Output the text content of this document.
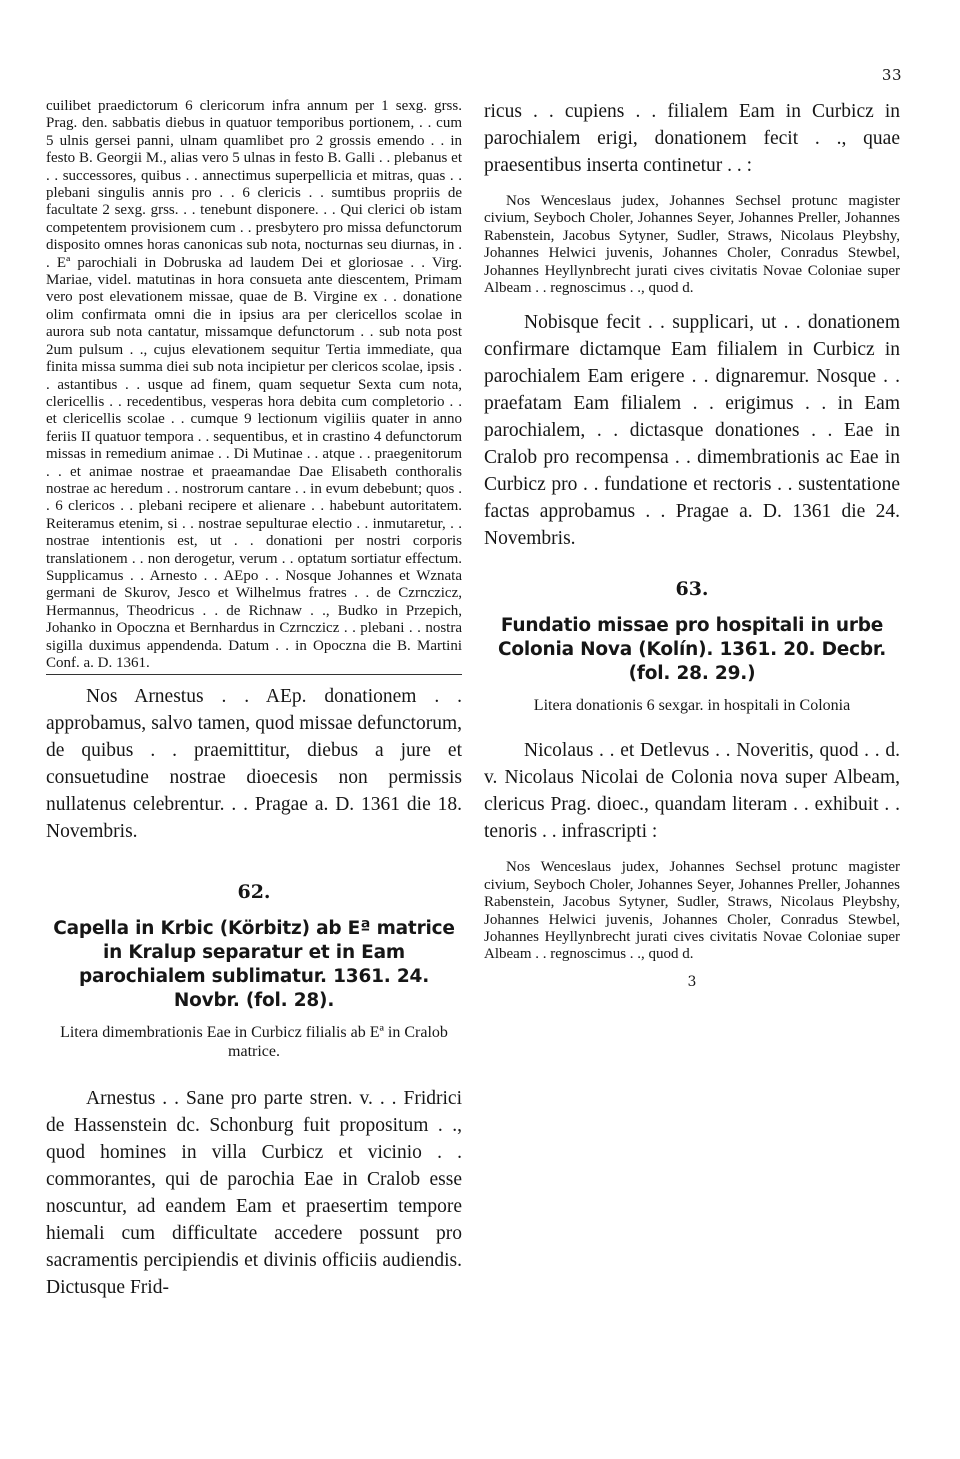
33

cuilibet praedictorum 6 clericorum infra annum per 1 sexg. grss. Prag. den. sabbatis diebus in quatuor temporibus portionem, . . cum 5 ulnis gersei panni, ulnam quamlibet pro 2 grossis emendo . . in festo B. Georgii M., alias vero 5 ulnas in festo B. Galli . . plebanus et . . successores, quibus . . annectimus superpellicia et mitras, quas . . plebani singulis annis pro . . 6 clericis . . sumtibus propriis de facultate 2 sexg. grss. . . tenebunt disponere. . . Qui clerici ob istam competentem provisionem cum . . presbytero pro missa defunctorum disposito omnes horas canonicas sub nota, nocturnas seu diurnas, in . . Eª parochiali in Dobruska ad laudem Dei et gloriosae . . Virg. Mariae, videl. matutinas in hora consueta ante diescentem, Primam vero post elevationem missae, quae de B. Virgine ex . . donatione olim confirmata omni die in ipsius ara per clericellos scolae in aurora sub nota cantatur, missamque defunctorum . . sub nota post 2um pulsum . ., cujus elevationem sequitur Tertia immediate, qua finita missa summa diei sub nota incipietur per clericos scolae, ipsis . . astantibus . . usque ad finem, quam sequetur Sexta cum nota, clericellis . . recedentibus, vesperas hora debita cum completorio . . et clericellis scolae . . cumque 9 lectionum vigiliis quater in anno feriis II quatuor tempora . . sequentibus, et in crastino 4 defunctorum missas in remedium animae . . Di Mutinae . . atque . . praegenitorum . . et animae nostrae et praeamandae Dae Elisabeth conthoralis nostrae ac heredum . . nostrorum cantare . . in evum debebunt; quos . . 6 clericos . . plebani recipere et alienare . . habebunt autoritatem. Reiteramus etenim, si . . nostrae sepulturae electio . . inmutaretur, . . nostrae intentionis est, ut . . donationi per nostri corporis translationem . . non derogetur, verum . . optatum sortiatur effectum. Supplicamus . . Arnesto . . AEpo . . Nosque Johannes et Wznata germani de Skurov, Jesco et Wilhelmus fratres . . de Czrnczicz, Hermannus, Theodricus . . de Richnaw . ., Budko in Przepich, Johanko in Opoczna et Bernhardus in Czrnczicz . . plebani . . nostra sigilla duximus appendenda. Datum . . in Opoczna die B. Martini Conf. a. D. 1361.

Nos Arnestus . . AEp. donationem . . approbamus, salvo tamen, quod missae defunctorum, de quibus . . praemittitur, diebus a jure et consuetudine nostrae dioecesis non permissis nullatenus celebrentur. . . Pragae a. D. 1361 die 18. Novembris.

62.

Capella in Krbic (Körbitz) ab Eª matrice in Kralup separatur et in Eam parochialem sublimatur. 1361. 24. Novbr. (fol. 28).

Litera dimembrationis Eae in Curbicz filialis ab Eª in Cralob matrice.

Arnestus . . Sane pro parte stren. v. . . Fridrici de Hassenstein dc. Schonburg fuit propositum . ., quod homines in villa Curbicz et vicinio . . commorantes, qui de parochia Eae in Cralob esse noscuntur, ad eandem Eam et praesertim tempore hiemali cum difficultate accedere possunt pro sacramentis percipiendis et divinis officiis audiendis. Dictusque Frid-

ricus . . cupiens . . filialem Eam in Curbicz in parochialem erigi, donationem fecit . ., quae praesentibus inserta continetur . . :

Nos Wenceslaus judex, Johannes Sechsel protunc magister civium, Seyboch Choler, Johannes Seyer, Johannes Preller, Johannes Rabenstein, Jacobus Sytyner, Sudler, Straws, Nicolaus Pleybshy, Johannes Helwici juvenis, Johannes Choler, Conradus Stewbel, Johannes Heyllynbrecht jurati cives civitatis Novae Coloniae super Albeam . . regnoscimus . ., quod d.

Nobisque fecit . . supplicari, ut . . donationem confirmare dictamque Eam filialem in Curbicz in parochialem Eam erigere . . dignaremur. Nosque . . praefatam Eam filialem . . erigimus . . in Eam parochialem, . . dictasque donationes . . Eae in Cralob pro recompensa . . dimembrationis ac Eae in Curbicz pro . . fundatione et rectoris . . sustentatione factas approbamus . . Pragae a. D. 1361 die 24. Novembris.

63.

Fundatio missae pro hospitali in urbe Colonia Nova (Kolín). 1361. 20. Decbr. (fol. 28. 29.)

Litera donationis 6 sexgar. in hospitali in Colonia

Nicolaus . . et Detlevus . . Noveritis, quod . . d. v. Nicolaus Nicolai de Colonia nova super Albeam, clericus Prag. dioec., quandam literam . . exhibuit . . tenoris . . infrascripti :

Nos Wenceslaus judex, Johannes Sechsel protunc magister civium, Seyboch Choler, Johannes Seyer, Johannes Preller, Johannes Rabenstein, Jacobus Sytyner, Sudler, Straws, Nicolaus Pleybshy, Johannes Helwici juvenis, Johannes Choler, Conradus Stewbel, Johannes Heyllynbrecht jurati cives civitatis Novae Coloniae super Albeam . . regnoscimus . ., quod d.

3
